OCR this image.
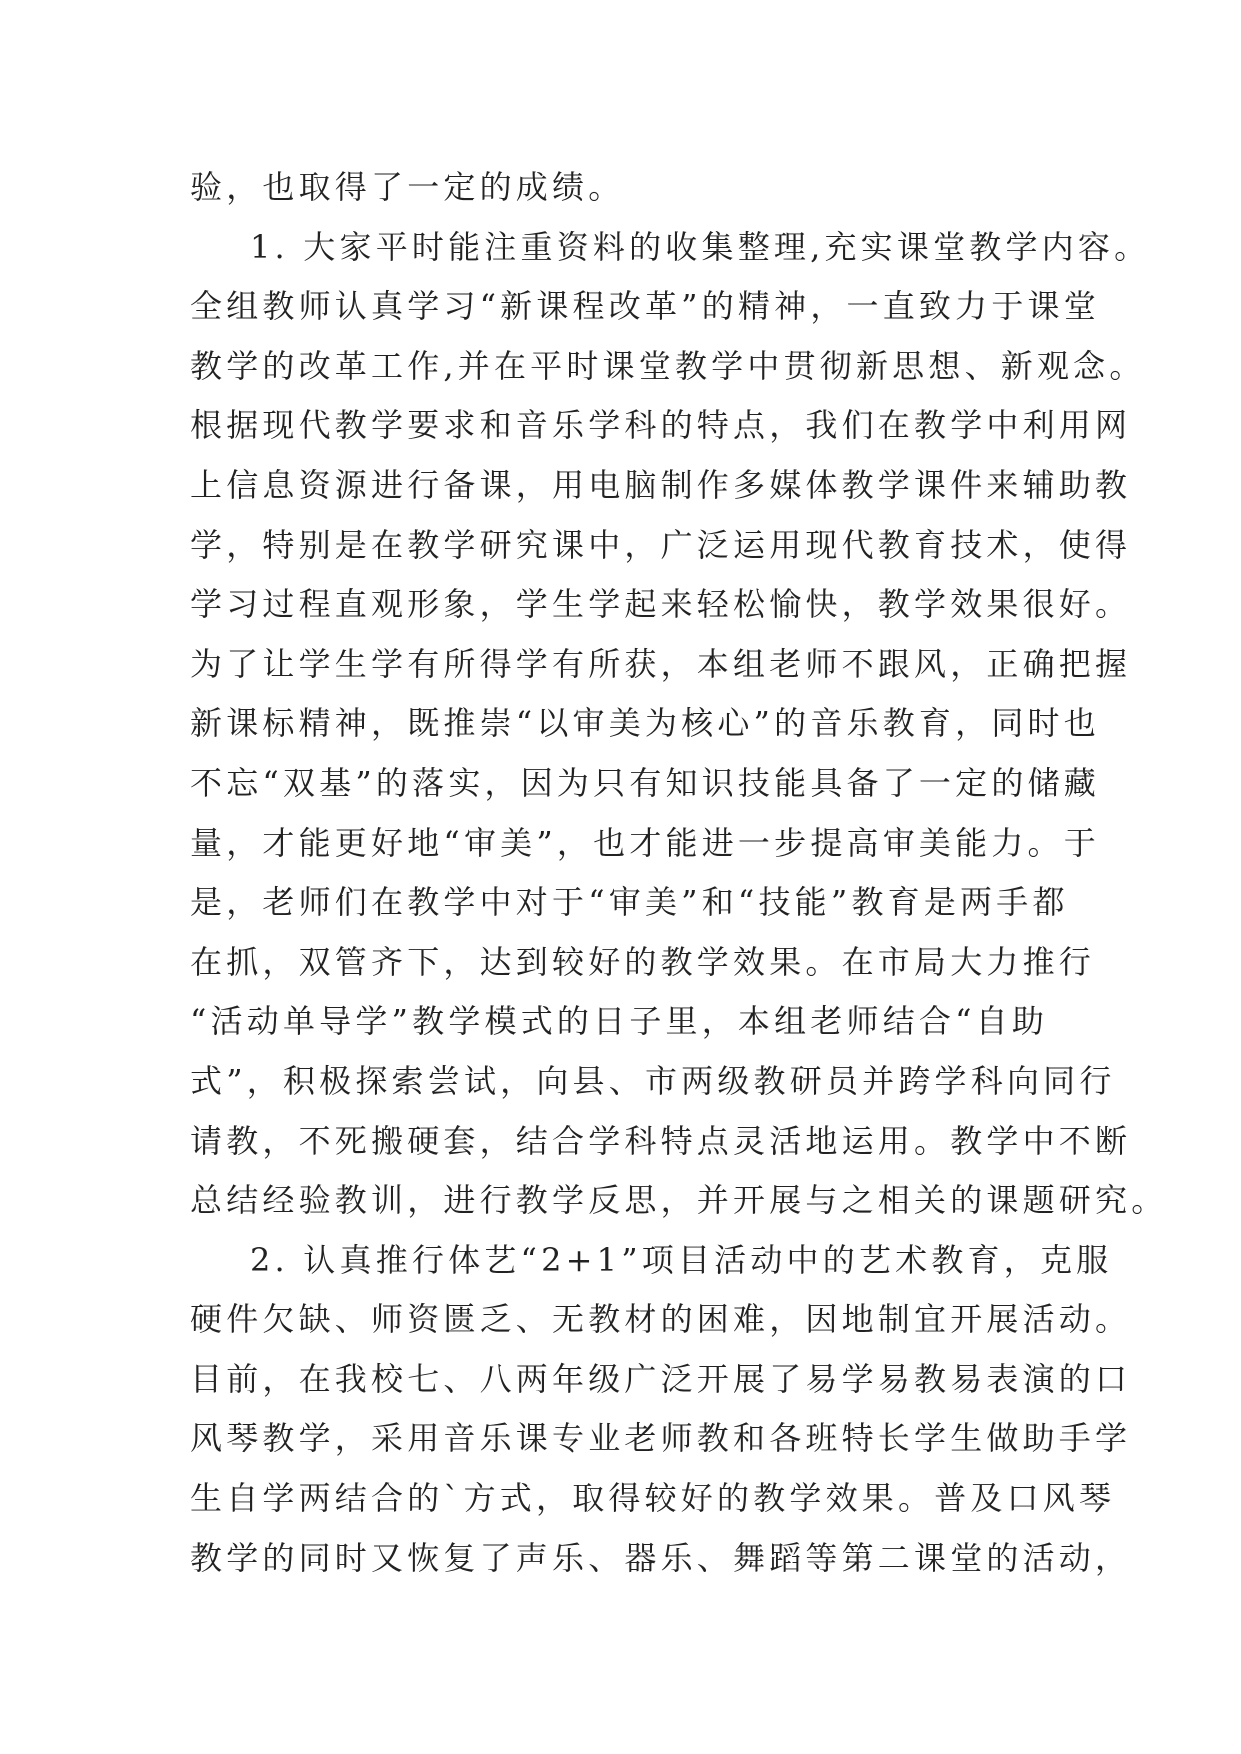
验，也取得了一定的成绩。
1. 大家平时能注重资料的收集整理,充实课堂教学内容。
全组教师认真学习“新课程改革”的精神，一直致力于课堂
教学的改革工作,并在平时课堂教学中贯彻新思想、新观念。
根据现代教学要求和音乐学科的特点，我们在教学中利用网
上信息资源进行备课，用电脑制作多媒体教学课件来辅助教
学，特别是在教学研究课中，广泛运用现代教育技术，使得
学习过程直观形象，学生学起来轻松愉快，教学效果很好。
为了让学生学有所得学有所获，本组老师不跟风，正确把握
新课标精神，既推崇“以审美为核心”的音乐教育，同时也
不忘“双基”的落实，因为只有知识技能具备了一定的储藏
量，才能更好地“审美”，也才能进一步提高审美能力。于
是，老师们在教学中对于“审美”和“技能”教育是两手都
在抓，双管齐下，达到较好的教学效果。在市局大力推行
“活动单导学”教学模式的日子里，本组老师结合“自助
式”，积极探索尝试，向县、市两级教研员并跨学科向同行
请教，不死搬硬套，结合学科特点灵活地运用。教学中不断
总结经验教训，进行教学反思，并开展与之相关的课题研究。
2. 认真推行体艺“2+1”项目活动中的艺术教育，克服
硬件欠缺、师资匮乏、无教材的困难，因地制宜开展活动。
目前，在我校七、八两年级广泛开展了易学易教易表演的口
风琴教学，采用音乐课专业老师教和各班特长学生做助手学
生自学两结合的`方式，取得较好的教学效果。普及口风琴
教学的同时又恢复了声乐、器乐、舞蹈等第二课堂的活动，
